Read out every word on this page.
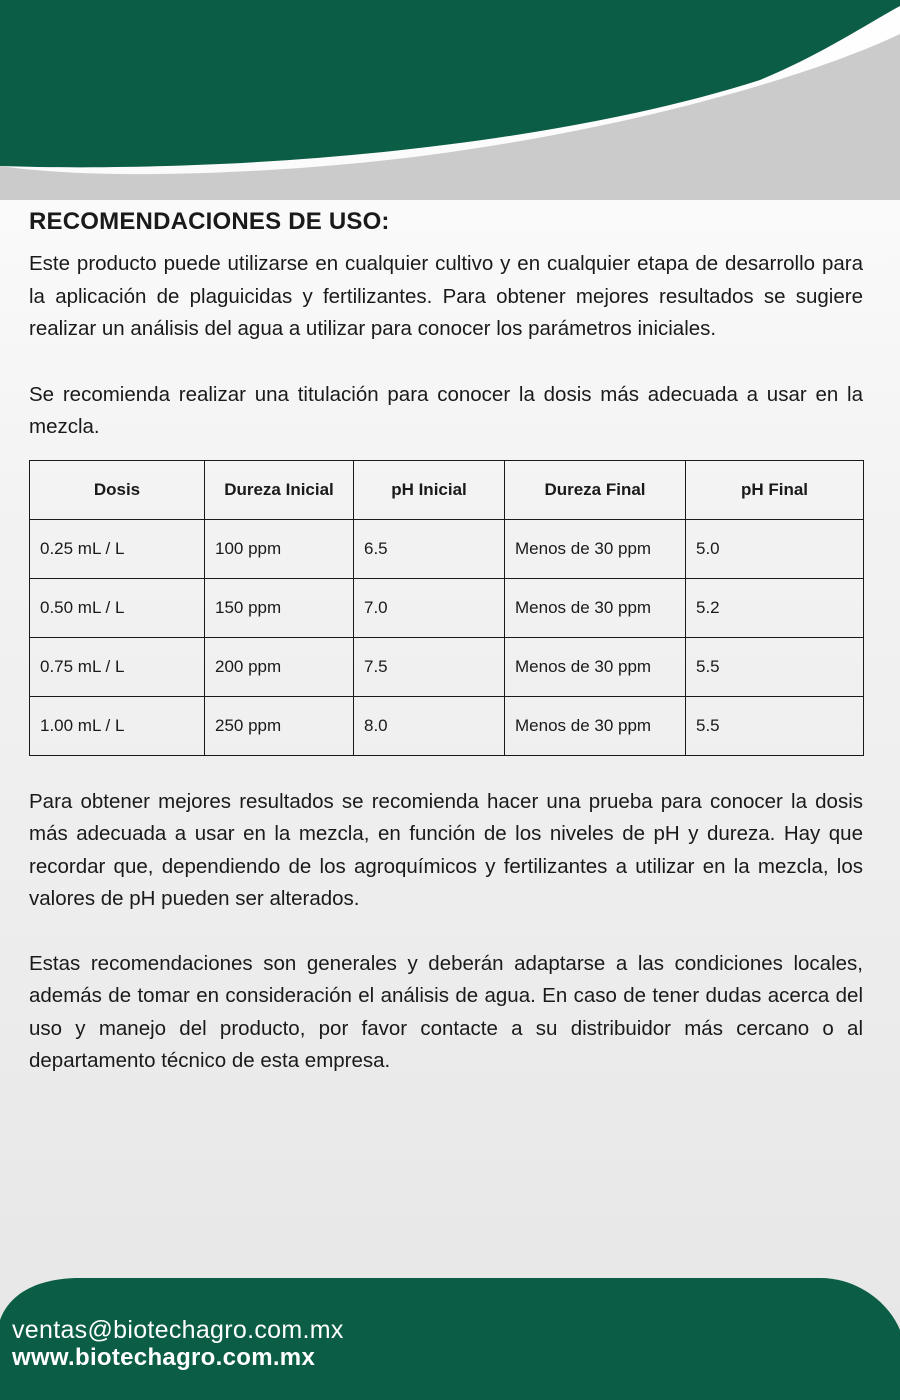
RECOMENDACIONES DE USO:

Este producto puede utilizarse en cualquier cultivo y en cualquier etapa de desarrollo para la aplicación de plaguicidas y fertilizantes. Para obtener mejores resultados se sugiere realizar un análisis del agua a utilizar para conocer los parámetros iniciales.

Se recomienda realizar una titulación para conocer la dosis más adecuada a usar en la mezcla.

Dosis	Dureza Inicial	pH Inicial	Dureza Final	pH Final
0.25 mL / L	100 ppm	6.5	Menos de 30 ppm	5.0
0.50 mL / L	150 ppm	7.0	Menos de 30 ppm	5.2
0.75 mL / L	200 ppm	7.5	Menos de 30 ppm	5.5
1.00 mL / L	250 ppm	8.0	Menos de 30 ppm	5.5

Para obtener mejores resultados se recomienda hacer una prueba para conocer la dosis más adecuada a usar en la mezcla, en función de los niveles de pH y dureza. Hay que recordar que, dependiendo de los agroquímicos y fertilizantes a utilizar en la mezcla, los valores de pH pueden ser alterados.

Estas recomendaciones son generales y deberán adaptarse a las condiciones locales, además de tomar en consideración el análisis de agua. En caso de tener dudas acerca del uso y manejo del producto, por favor contacte a su distribuidor más cercano o al departamento técnico de esta empresa.

ventas@biotechagro.com.mx
www.biotechagro.com.mx
